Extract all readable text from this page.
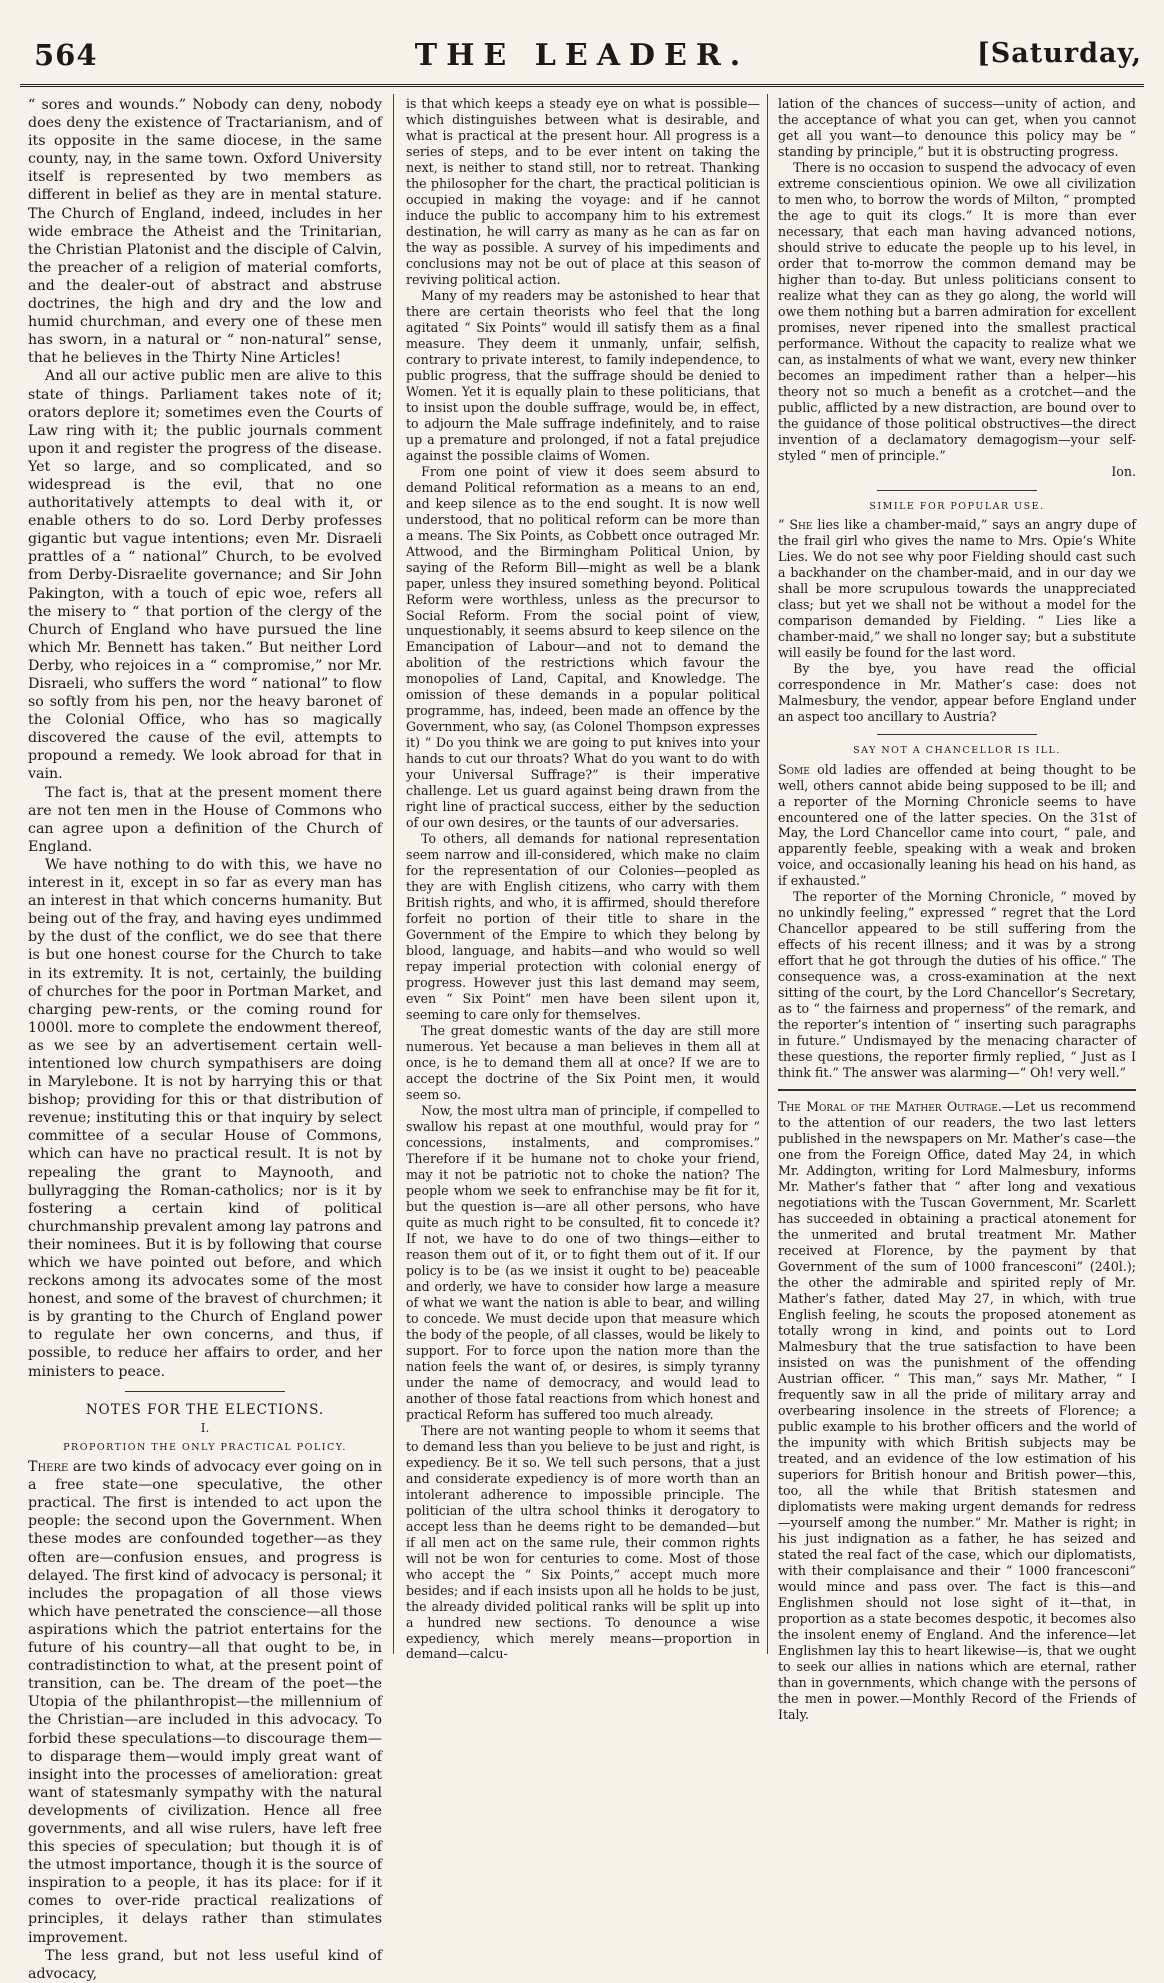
564	THE LEADER.	[Saturday,

“ sores and wounds.” Nobody can deny, nobody does deny the existence of Tractarianism, and of its opposite in the same diocese, in the same county, nay, in the same town. Oxford University itself is represented by two members as different in belief as they are in mental stature. The Church of England, indeed, includes in her wide embrace the Atheist and the Trinitarian, the Christian Platonist and the disciple of Calvin, the preacher of a religion of material comforts, and the dealer-out of abstract and abstruse doctrines, the high and dry and the low and humid churchman, and every one of these men has sworn, in a natural or “ non-natural” sense, that he believes in the Thirty Nine Articles!

And all our active public men are alive to this state of things. Parliament takes note of it; orators deplore it; sometimes even the Courts of Law ring with it; the public journals comment upon it and register the progress of the disease. Yet so large, and so complicated, and so widespread is the evil, that no one authoritatively attempts to deal with it, or enable others to do so. Lord Derby professes gigantic but vague intentions; even Mr. Disraeli prattles of a “ national” Church, to be evolved from Derby-Disraelite governance; and Sir John Pakington, with a touch of epic woe, refers all the misery to “ that portion of the clergy of the Church of England who have pursued the line which Mr. Bennett has taken.” But neither Lord Derby, who rejoices in a “ compromise,” nor Mr. Disraeli, who suffers the word “ national” to flow so softly from his pen, nor the heavy baronet of the Colonial Office, who has so magically discovered the cause of the evil, attempts to propound a remedy. We look abroad for that in vain.

The fact is, that at the present moment there are not ten men in the House of Commons who can agree upon a definition of the Church of England.

We have nothing to do with this, we have no interest in it, except in so far as every man has an interest in that which concerns humanity. But being out of the fray, and having eyes undimmed by the dust of the conflict, we do see that there is but one honest course for the Church to take in its extremity. It is not, certainly, the building of churches for the poor in Portman Market, and charging pew-rents, or the coming round for 1000l. more to complete the endowment thereof, as we see by an advertisement certain well-intentioned low church sympathisers are doing in Marylebone. It is not by harrying this or that bishop; providing for this or that distribution of revenue; instituting this or that inquiry by select committee of a secular House of Commons, which can have no practical result. It is not by repealing the grant to Maynooth, and bullyragging the Roman-catholics; nor is it by fostering a certain kind of political churchmanship prevalent among lay patrons and their nominees. But it is by following that course which we have pointed out before, and which reckons among its advocates some of the most honest, and some of the bravest of churchmen; it is by granting to the Church of England power to regulate her own concerns, and thus, if possible, to reduce her affairs to order, and her ministers to peace.

NOTES FOR THE ELECTIONS.
I.
PROPORTION THE ONLY PRACTICAL POLICY.

There are two kinds of advocacy ever going on in a free state—one speculative, the other practical. The first is intended to act upon the people: the second upon the Government. When these modes are confounded together—as they often are—confusion ensues, and progress is delayed. The first kind of advocacy is personal; it includes the propagation of all those views which have penetrated the conscience—all those aspirations which the patriot entertains for the future of his country—all that ought to be, in contradistinction to what, at the present point of transition, can be. The dream of the poet—the Utopia of the philanthropist—the millennium of the Christian—are included in this advocacy. To forbid these speculations—to discourage them—to disparage them—would imply great want of insight into the processes of amelioration: great want of statesmanly sympathy with the natural developments of civilization. Hence all free governments, and all wise rulers, have left free this species of speculation; but though it is of the utmost importance, though it is the source of inspiration to a people, it has its place: for if it comes to over-ride practical realizations of principles, it delays rather than stimulates improvement.

The less grand, but not less useful kind of advocacy,

is that which keeps a steady eye on what is possible—which distinguishes between what is desirable, and what is practical at the present hour. All progress is a series of steps, and to be ever intent on taking the next, is neither to stand still, nor to retreat. Thanking the philosopher for the chart, the practical politician is occupied in making the voyage: and if he cannot induce the public to accompany him to his extremest destination, he will carry as many as he can as far on the way as possible. A survey of his impediments and conclusions may not be out of place at this season of reviving political action.

Many of my readers may be astonished to hear that there are certain theorists who feel that the long agitated “ Six Points” would ill satisfy them as a final measure. They deem it unmanly, unfair, selfish, contrary to private interest, to family independence, to public progress, that the suffrage should be denied to Women. Yet it is equally plain to these politicians, that to insist upon the double suffrage, would be, in effect, to adjourn the Male suffrage indefinitely, and to raise up a premature and prolonged, if not a fatal prejudice against the possible claims of Women.

From one point of view it does seem absurd to demand Political reformation as a means to an end, and keep silence as to the end sought. It is now well understood, that no political reform can be more than a means. The Six Points, as Cobbett once outraged Mr. Attwood, and the Birmingham Political Union, by saying of the Reform Bill—might as well be a blank paper, unless they insured something beyond. Political Reform were worthless, unless as the precursor to Social Reform. From the social point of view, unquestionably, it seems absurd to keep silence on the Emancipation of Labour—and not to demand the abolition of the restrictions which favour the monopolies of Land, Capital, and Knowledge. The omission of these demands in a popular political programme, has, indeed, been made an offence by the Government, who say, (as Colonel Thompson expresses it) “ Do you think we are going to put knives into your hands to cut our throats? What do you want to do with your Universal Suffrage?” is their imperative challenge. Let us guard against being drawn from the right line of practical success, either by the seduction of our own desires, or the taunts of our adversaries.

To others, all demands for national representation seem narrow and ill-considered, which make no claim for the representation of our Colonies—peopled as they are with English citizens, who carry with them British rights, and who, it is affirmed, should therefore forfeit no portion of their title to share in the Government of the Empire to which they belong by blood, language, and habits—and who would so well repay imperial protection with colonial energy of progress. However just this last demand may seem, even “ Six Point” men have been silent upon it, seeming to care only for themselves.

The great domestic wants of the day are still more numerous. Yet because a man believes in them all at once, is he to demand them all at once? If we are to accept the doctrine of the Six Point men, it would seem so.

Now, the most ultra man of principle, if compelled to swallow his repast at one mouthful, would pray for “ concessions, instalments, and compromises.” Therefore if it be humane not to choke your friend, may it not be patriotic not to choke the nation? The people whom we seek to enfranchise may be fit for it, but the question is—are all other persons, who have quite as much right to be consulted, fit to concede it? If not, we have to do one of two things—either to reason them out of it, or to fight them out of it. If our policy is to be (as we insist it ought to be) peaceable and orderly, we have to consider how large a measure of what we want the nation is able to bear, and willing to concede. We must decide upon that measure which the body of the people, of all classes, would be likely to support. For to force upon the nation more than the nation feels the want of, or desires, is simply tyranny under the name of democracy, and would lead to another of those fatal reactions from which honest and practical Reform has suffered too much already.

There are not wanting people to whom it seems that to demand less than you believe to be just and right, is expediency. Be it so. We tell such persons, that a just and considerate expediency is of more worth than an intolerant adherence to impossible principle. The politician of the ultra school thinks it derogatory to accept less than he deems right to be demanded—but if all men act on the same rule, their common rights will not be won for centuries to come. Most of those who accept the “ Six Points,” accept much more besides; and if each insists upon all he holds to be just, the already divided political ranks will be split up into a hundred new sections. To denounce a wise expediency, which merely means—proportion in demand—calcu-

lation of the chances of success—unity of action, and the acceptance of what you can get, when you cannot get all you want—to denounce this policy may be “ standing by principle,” but it is obstructing progress.

There is no occasion to suspend the advocacy of even extreme conscientious opinion. We owe all civilization to men who, to borrow the words of Milton, “ prompted the age to quit its clogs.” It is more than ever necessary, that each man having advanced notions, should strive to educate the people up to his level, in order that to-morrow the common demand may be higher than to-day. But unless politicians consent to realize what they can as they go along, the world will owe them nothing but a barren admiration for excellent promises, never ripened into the smallest practical performance. Without the capacity to realize what we can, as instalments of what we want, every new thinker becomes an impediment rather than a helper—his theory not so much a benefit as a crotchet—and the public, afflicted by a new distraction, are bound over to the guidance of those political obstructives—the direct invention of a declamatory demagogism—your self-styled “ men of principle.”

Ion.
SIMILE FOR POPULAR USE.

“ She lies like a chamber-maid,” says an angry dupe of the frail girl who gives the name to Mrs. Opie’s White Lies. We do not see why poor Fielding should cast such a backhander on the chamber-maid, and in our day we shall be more scrupulous towards the unappreciated class; but yet we shall not be without a model for the comparison demanded by Fielding. “ Lies like a chamber-maid,” we shall no longer say; but a substitute will easily be found for the last word.

By the bye, you have read the official correspondence in Mr. Mather’s case: does not Malmesbury, the vendor, appear before England under an aspect too ancillary to Austria?

SAY NOT A CHANCELLOR IS ILL.

Some old ladies are offended at being thought to be well, others cannot abide being supposed to be ill; and a reporter of the Morning Chronicle seems to have encountered one of the latter species. On the 31st of May, the Lord Chancellor came into court, “ pale, and apparently feeble, speaking with a weak and broken voice, and occasionally leaning his head on his hand, as if exhausted.”

The reporter of the Morning Chronicle, “ moved by no unkindly feeling,” expressed “ regret that the Lord Chancellor appeared to be still suffering from the effects of his recent illness; and it was by a strong effort that he got through the duties of his office.” The consequence was, a cross-examination at the next sitting of the court, by the Lord Chancellor’s Secretary, as to “ the fairness and properness” of the remark, and the reporter’s intention of “ inserting such paragraphs in future.” Undismayed by the menacing character of these questions, the reporter firmly replied, “ Just as I think fit.” The answer was alarming—“ Oh! very well.”

The Moral of the Mather Outrage.—Let us recommend to the attention of our readers, the two last letters published in the newspapers on Mr. Mather’s case—the one from the Foreign Office, dated May 24, in which Mr. Addington, writing for Lord Malmesbury, informs Mr. Mather’s father that “ after long and vexatious negotiations with the Tuscan Government, Mr. Scarlett has succeeded in obtaining a practical atonement for the unmerited and brutal treatment Mr. Mather received at Florence, by the payment by that Government of the sum of 1000 francesconi” (240l.); the other the admirable and spirited reply of Mr. Mather’s father, dated May 27, in which, with true English feeling, he scouts the proposed atonement as totally wrong in kind, and points out to Lord Malmesbury that the true satisfaction to have been insisted on was the punishment of the offending Austrian officer. “ This man,” says Mr. Mather, “ I frequently saw in all the pride of military array and overbearing insolence in the streets of Florence; a public example to his brother officers and the world of the impunity with which British subjects may be treated, and an evidence of the low estimation of his superiors for British honour and British power—this, too, all the while that British statesmen and diplomatists were making urgent demands for redress—yourself among the number.” Mr. Mather is right; in his just indignation as a father, he has seized and stated the real fact of the case, which our diplomatists, with their complaisance and their “ 1000 francesconi” would mince and pass over. The fact is this—and Englishmen should not lose sight of it—that, in proportion as a state becomes despotic, it becomes also the insolent enemy of England. And the inference—let Englishmen lay this to heart likewise—is, that we ought to seek our allies in nations which are eternal, rather than in governments, which change with the persons of the men in power.—Monthly Record of the Friends of Italy.
